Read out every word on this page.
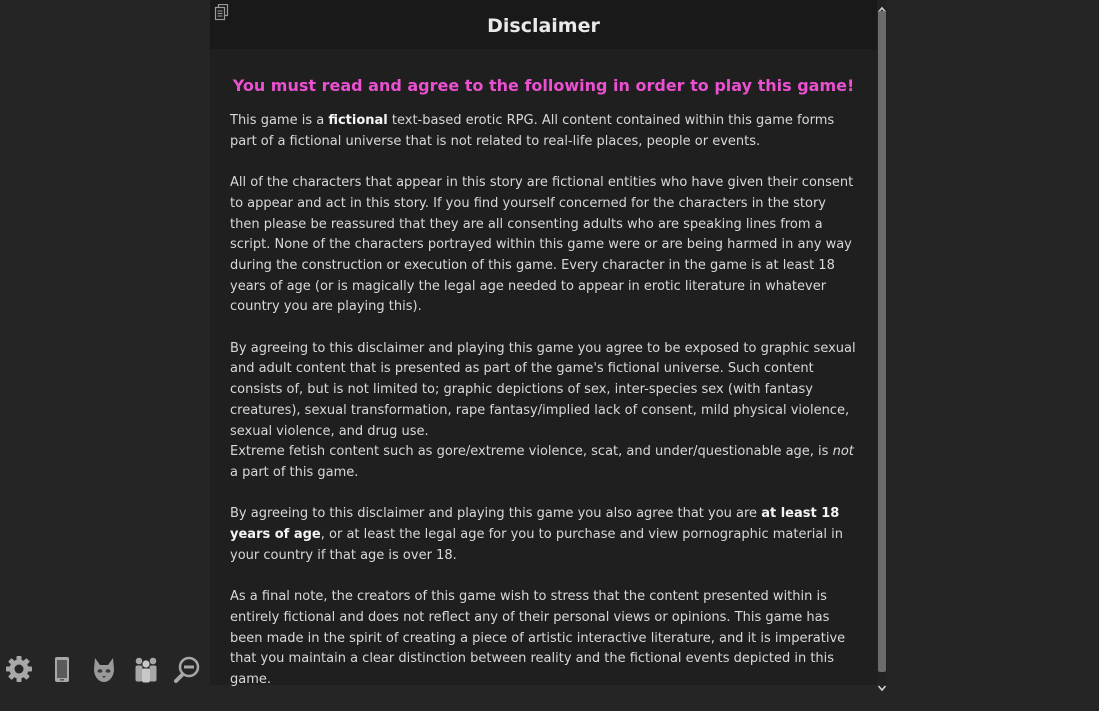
Disclaimer
You must read and agree to the following in order to play this game!

This game is a fictional text-based erotic RPG. All content contained within this game forms part of a fictional universe that is not related to real-life places, people or events.

All of the characters that appear in this story are fictional entities who have given their consent to appear and act in this story. If you find yourself concerned for the characters in the story then please be reassured that they are all consenting adults who are speaking lines from a script. None of the characters portrayed within this game were or are being harmed in any way during the construction or execution of this game. Every character in the game is at least 18 years of age (or is magically the legal age needed to appear in erotic literature in whatever country you are playing this).

By agreeing to this disclaimer and playing this game you agree to be exposed to graphic sexual and adult content that is presented as part of the game's fictional universe. Such content consists of, but is not limited to; graphic depictions of sex, inter-species sex (with fantasy creatures), sexual transformation, rape fantasy/implied lack of consent, mild physical violence, sexual violence, and drug use.

Extreme fetish content such as gore/extreme violence, scat, and under/questionable age, is not a part of this game.

By agreeing to this disclaimer and playing this game you also agree that you are at least 18 years of age, or at least the legal age for you to purchase and view pornographic material in your country if that age is over 18.

As a final note, the creators of this game wish to stress that the content presented within is entirely fictional and does not reflect any of their personal views or opinions. This game has been made in the spirit of creating a piece of artistic interactive literature, and it is imperative that you maintain a clear distinction between reality and the fictional events depicted in this game.
